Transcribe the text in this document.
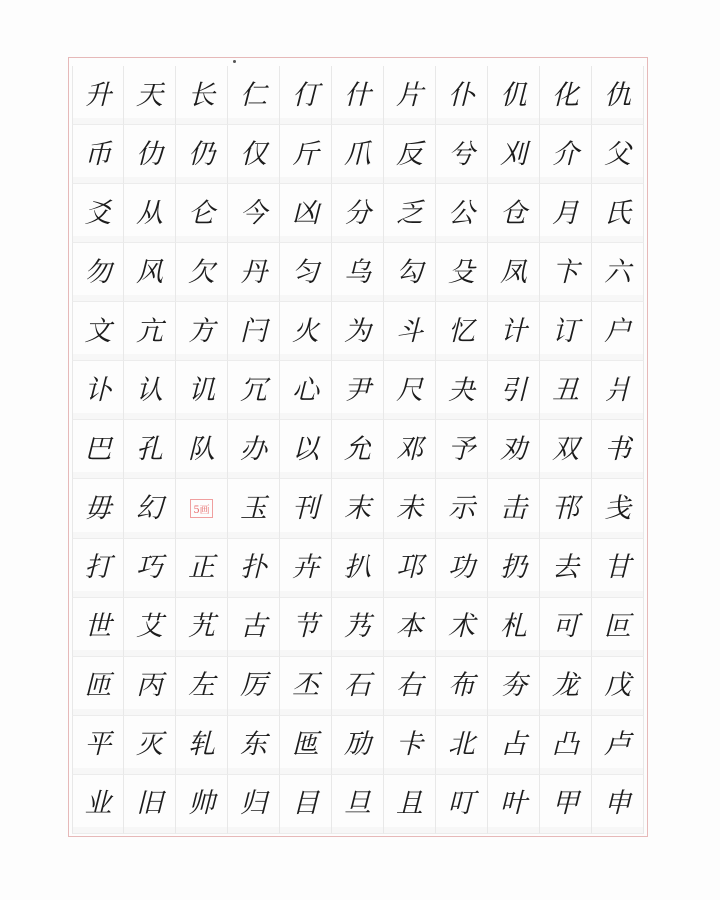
升 天 长 仁 仃 什 片 仆 仉 化 仇
币 仂 仍 仅 斤 爪 反 兮 刈 介 父
爻 从 仑 今 凶 分 乏 公 仓 月 氏
勿 风 欠 丹 匀 乌 勾 殳 凤 卞 六
文 亢 方 闩 火 为 斗 忆 计 订 户
讣 认 讥 冗 心 尹 尺 夬 引 丑 爿
巴 孔 队 办 以 允 邓 予 劝 双 书
毋 幻	5画 玉 刊 末 未 示 击 邗 戋
打 巧 正 扑 卉 扒 邛 功 扔 去 甘
世 艾 艽 古 节 艿 本 术 札 可 叵
匝 丙 左 厉 丕 石 右 布 夯 龙 戊
平 灭 轧 东 匜 劢 卡 北 占 凸 卢
业 旧 帅 归 目 旦 且 叮 叶 甲 申
